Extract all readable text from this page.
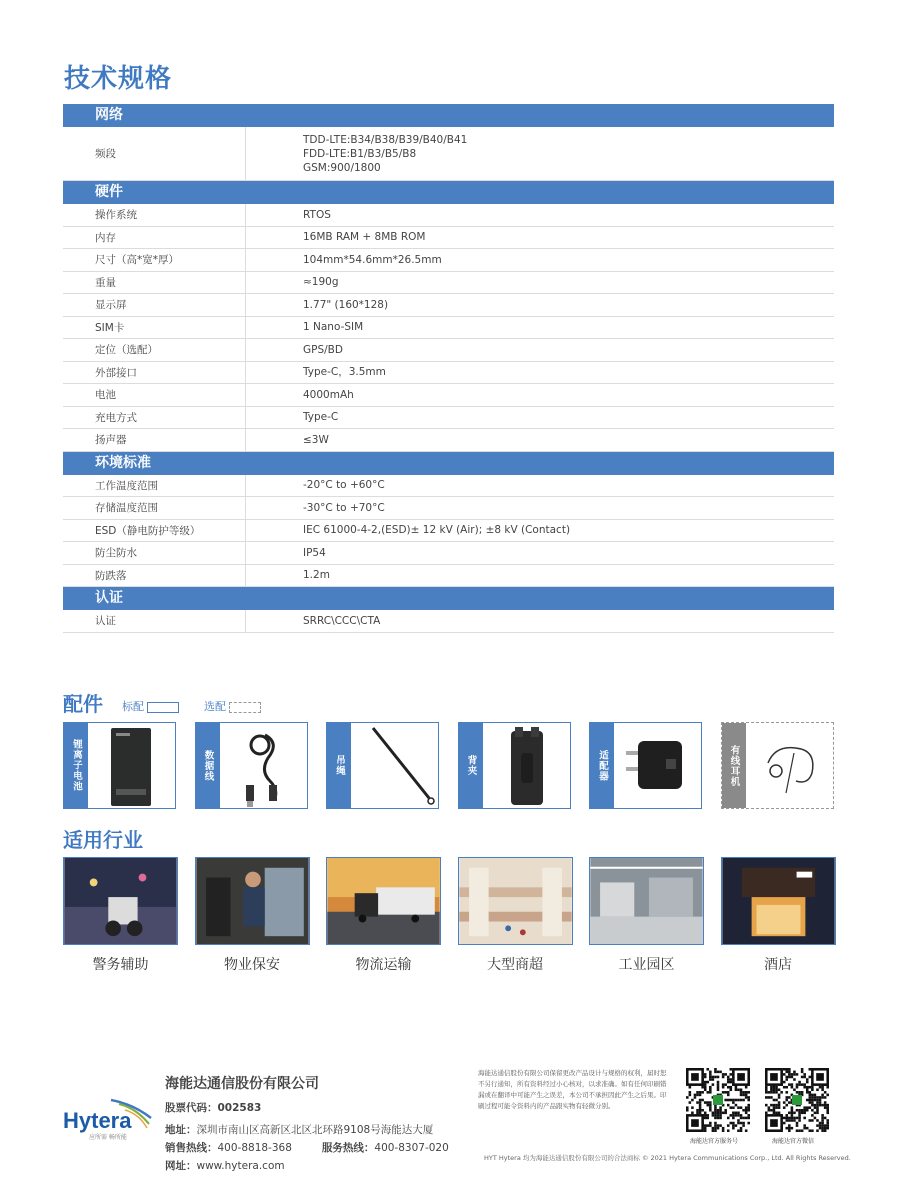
技术规格
网络
频段
TDD-LTE:B34/B38/B39/B40/B41
FDD-LTE:B1/B3/B5/B8
GSM:900/1800
硬件
操作系统	RTOS
内存	16MB RAM + 8MB ROM
尺寸（高*宽*厚）	104mm*54.6mm*26.5mm
重量	≈190g
显示屏	1.77" (160*128)
SIM卡	1 Nano-SIM
定位（选配）	GPS/BD
外部接口	Type-C，3.5mm
电池	4000mAh
充电方式	Type-C
扬声器	≤3W
环境标准
工作温度范围	-20°C to +60°C
存储温度范围	-30°C to +70°C
ESD（静电防护等级）	IEC 61000-4-2,(ESD)± 12 kV (Air); ±8 kV (Contact)
防尘防水	IP54
防跌落	1.2m
认证
认证	SRRC\CCC\CTA
配件 标配	选配
锂离子电池	数据线	吊绳	背夹	适配器	有线耳机
适用行业
警务辅助	物业保安	物流运输	大型商超	工业园区	酒店
Hytera
应所需 畅所能
海能达通信股份有限公司
股票代码：002583
地址：深圳市南山区高新区北区北环路9108号海能达大厦
销售热线：400-8818-368	服务热线：400-8307-020
网址：www.hytera.com
海能达通信股份有限公司保留更改产品设计与规格的权利，届时恕不另行通知，所有资料经过小心核对，以求准确。如有任何印刷错漏或在翻译中可能产生之误差，本公司不承担因此产生之后果。印刷过程可能令资料内的产品跟实物有轻微分别。
海能达官方服务号	海能达官方微信
HYT Hytera 均为海能达通信股份有限公司的合法商标 © 2021 Hytera Communications Corp., Ltd. All Rights Reserved.
